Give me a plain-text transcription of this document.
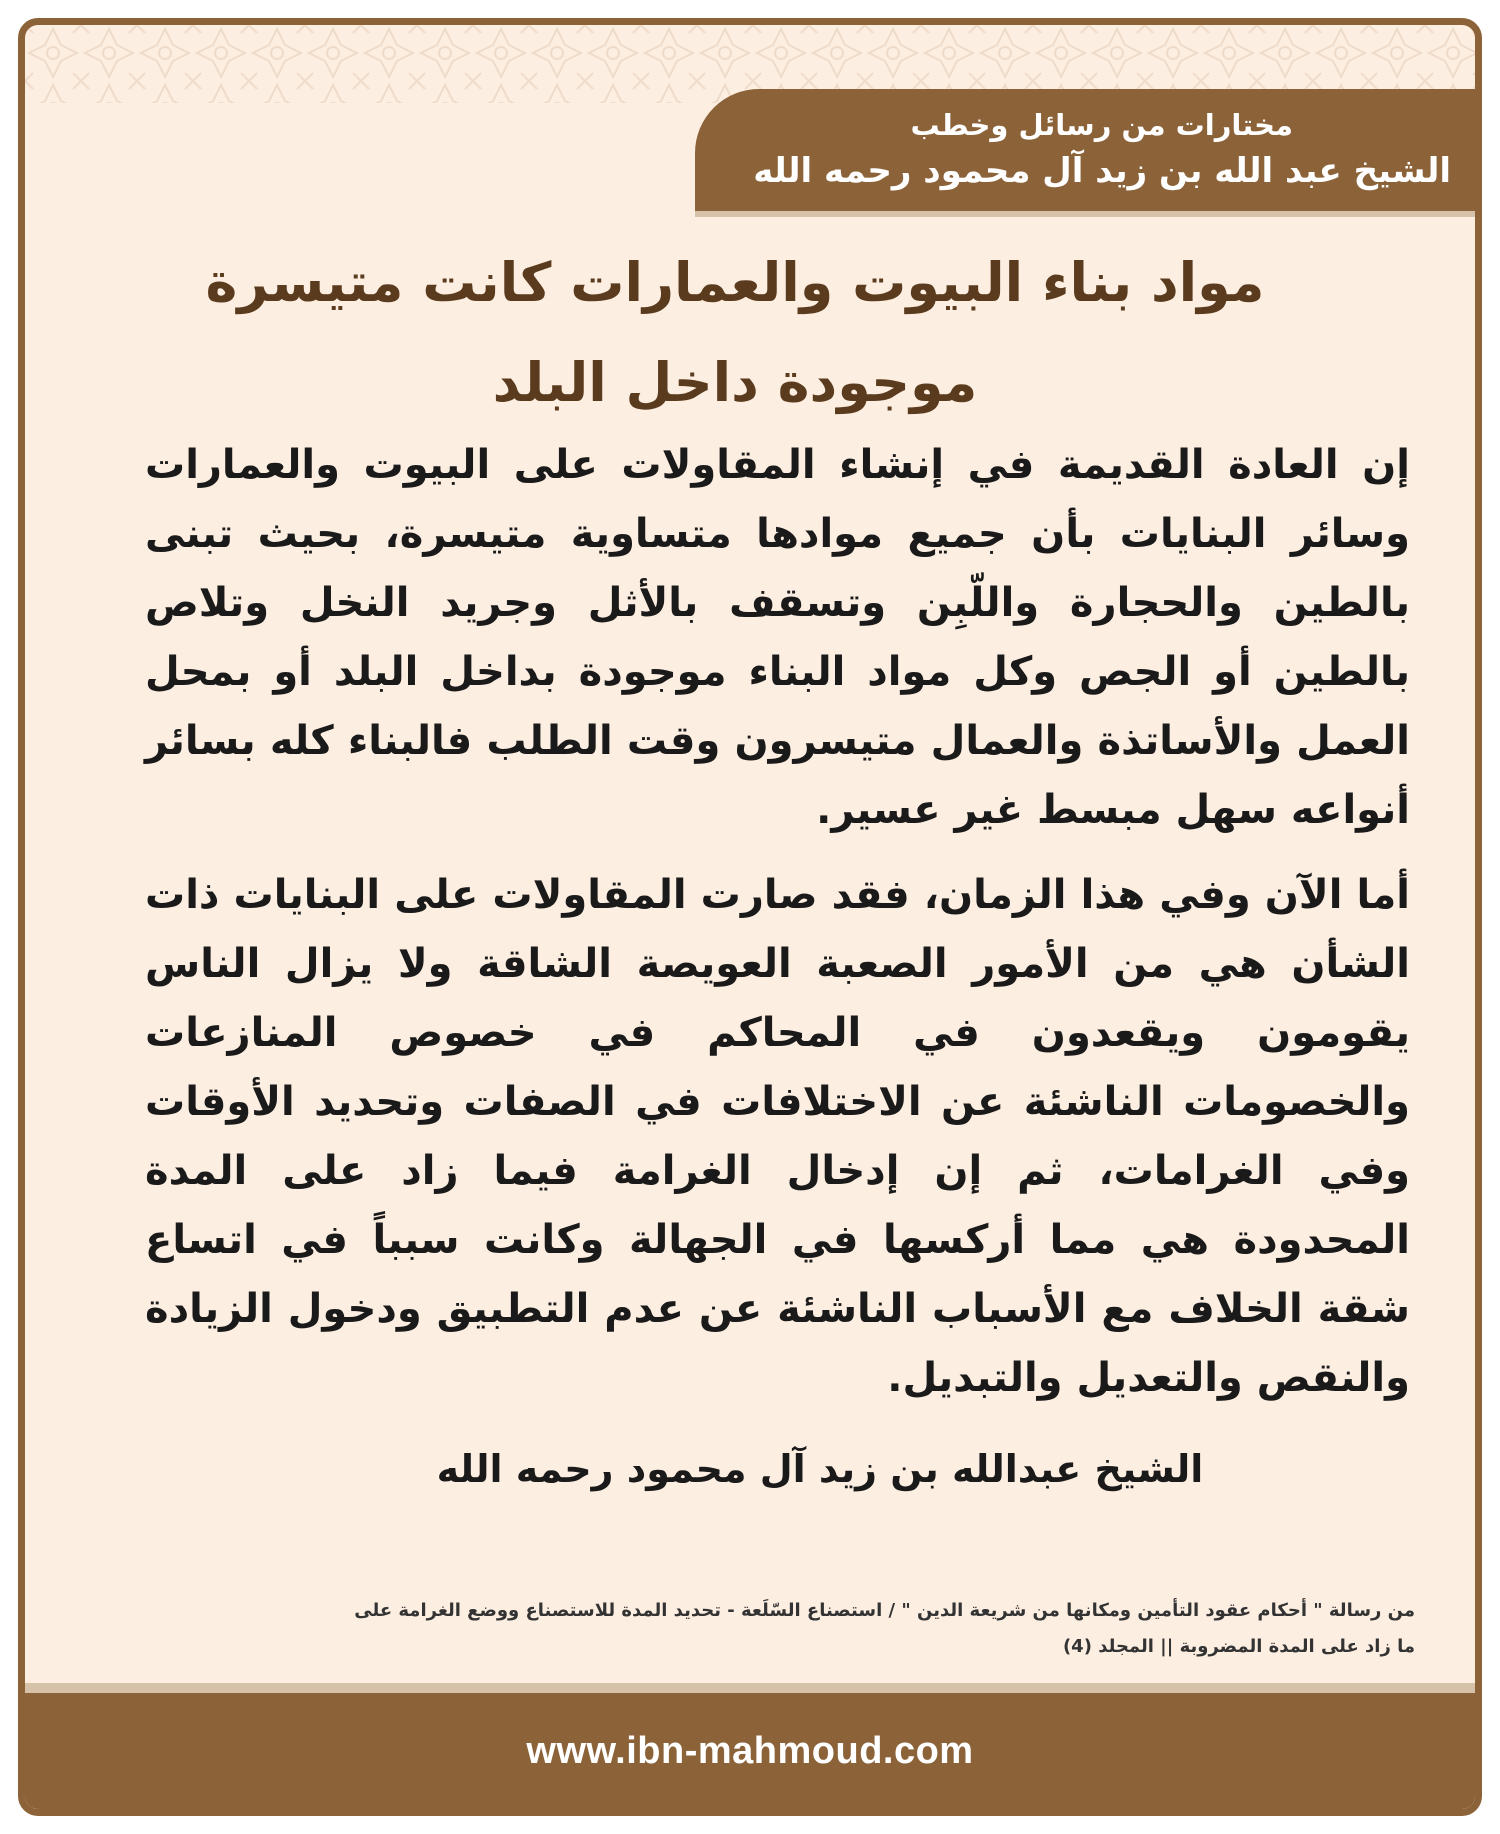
مختارات من رسائل وخطب
الشيخ عبد الله بن زيد آل محمود رحمه الله
مواد بناء البيوت والعمارات كانت متيسرة
موجودة داخل البلد

إن العادة القديمة في إنشاء المقاولات على البيوت والعمارات وسائر البنايات بأن جميع موادها متساوية متيسرة، بحيث تبنى بالطين والحجارة واللّبِن وتسقف بالأثل وجريد النخل وتلاص بالطين أو الجص وكل مواد البناء موجودة بداخل البلد أو بمحل العمل والأساتذة والعمال متيسرون وقت الطلب فالبناء كله بسائر أنواعه سهل مبسط غير عسير.

أما الآن وفي هذا الزمان، فقد صارت المقاولات على البنايات ذات الشأن هي من الأمور الصعبة العويصة الشاقة ولا يزال الناس يقومون ويقعدون في المحاكم في خصوص المنازعات والخصومات الناشئة عن الاختلافات في الصفات وتحديد الأوقات وفي الغرامات، ثم إن إدخال الغرامة فيما زاد على المدة المحدودة هي مما أركسها في الجهالة وكانت سبباً في اتساع شقة الخلاف مع الأسباب الناشئة عن عدم التطبيق ودخول الزيادة والنقص والتعديل والتبديل.

الشيخ عبدالله بن زيد آل محمود رحمه الله
من رسالة " أحكام عقود التأمين ومكانها من شريعة الدين " / استصناع السّلَعة - تحديد المدة للاستصناع ووضع الغرامة على
ما زاد على المدة المضروبة || المجلد (4)
www.ibn-mahmoud.com
